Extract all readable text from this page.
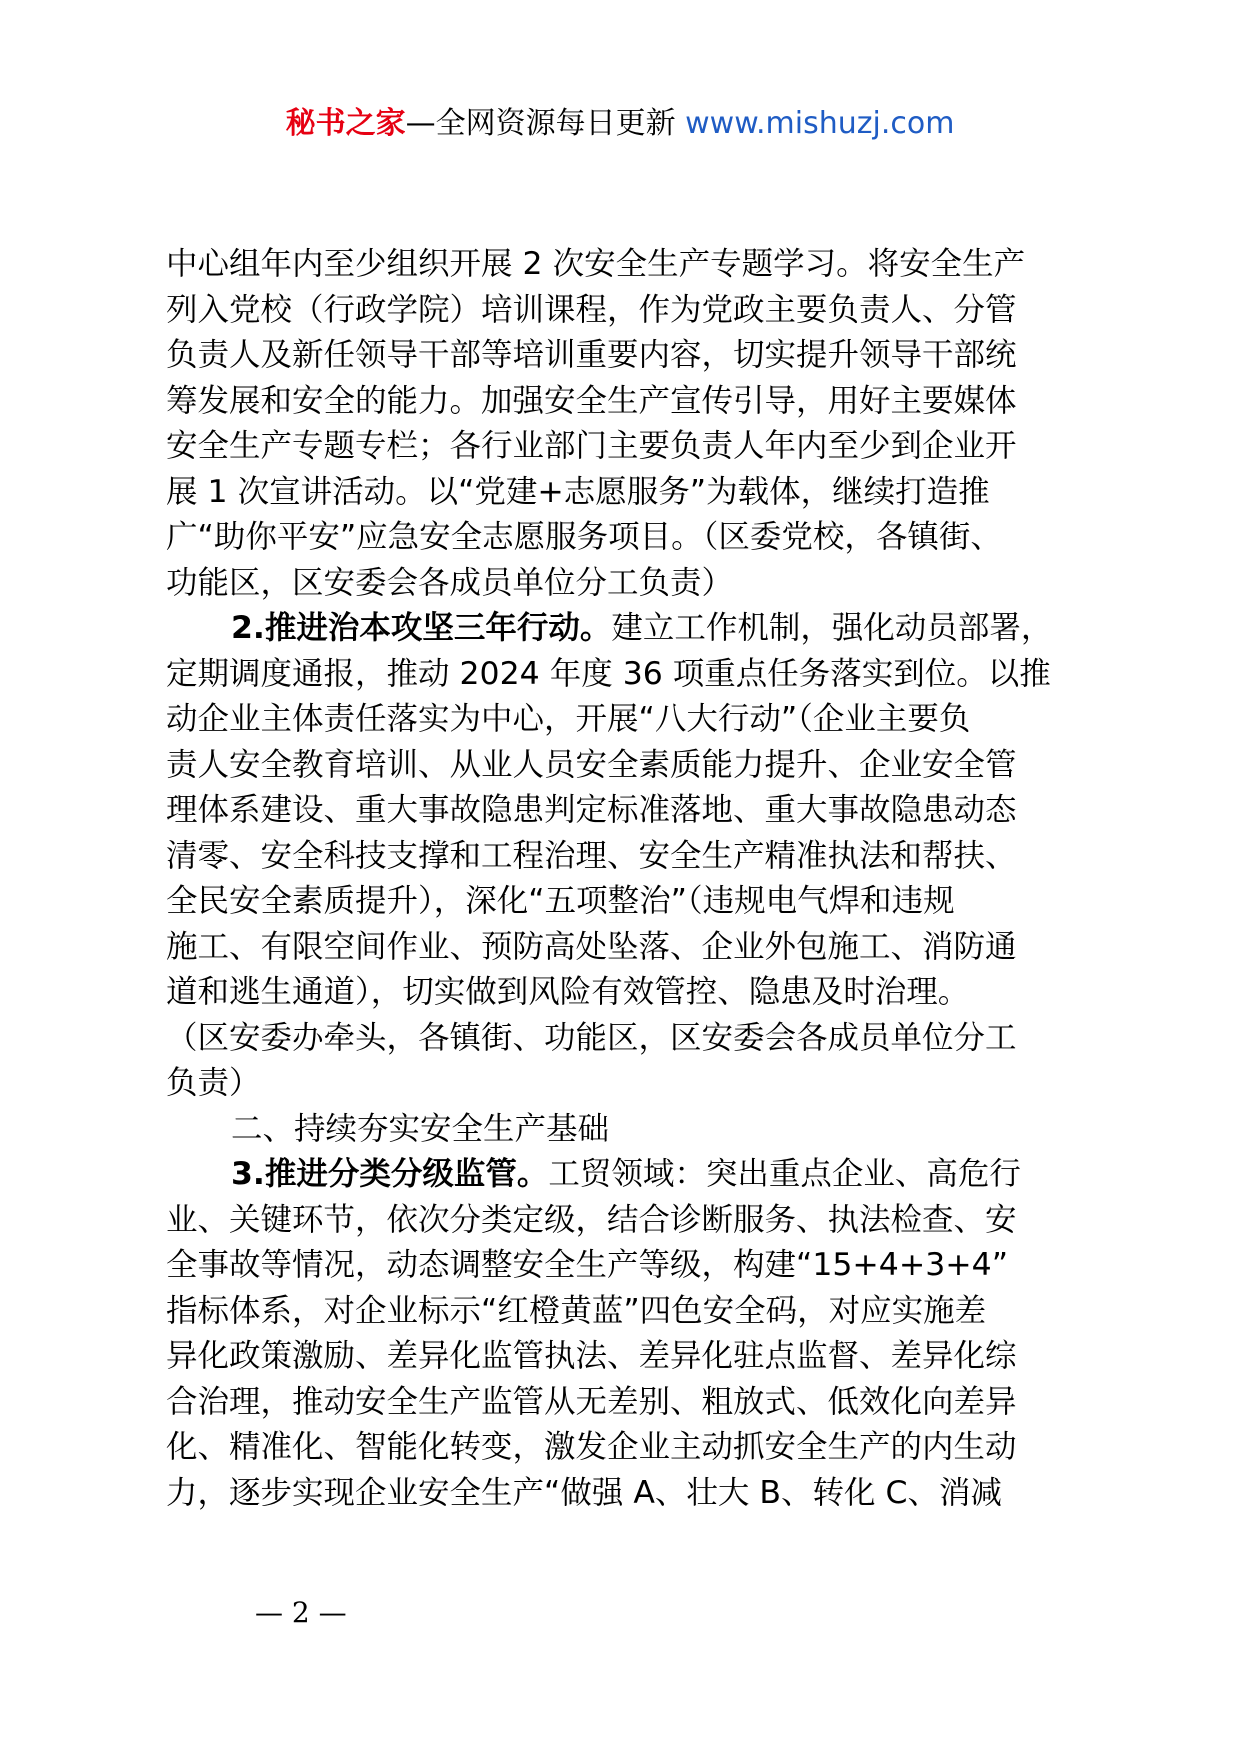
秘书之家—全网资源每日更新 www.mishuzj.com
中心组年内至少组织开展 2 次安全生产专题学习。将安全生产
列入党校（行政学院）培训课程，作为党政主要负责人、分管
负责人及新任领导干部等培训重要内容，切实提升领导干部统
筹发展和安全的能力。加强安全生产宣传引导，用好主要媒体
安全生产专题专栏；各行业部门主要负责人年内至少到企业开
展 1 次宣讲活动。以“党建+志愿服务”为载体，继续打造推
广“助你平安”应急安全志愿服务项目。（区委党校，各镇街、
功能区，区安委会各成员单位分工负责）
2.推进治本攻坚三年行动。建立工作机制，强化动员部署，
定期调度通报，推动 2024 年度 36 项重点任务落实到位。以推
动企业主体责任落实为中心，开展“八大行动”（企业主要负
责人安全教育培训、从业人员安全素质能力提升、企业安全管
理体系建设、重大事故隐患判定标准落地、重大事故隐患动态
清零、安全科技支撑和工程治理、安全生产精准执法和帮扶、
全民安全素质提升），深化“五项整治”（违规电气焊和违规
施工、有限空间作业、预防高处坠落、企业外包施工、消防通
道和逃生通道），切实做到风险有效管控、隐患及时治理。
（区安委办牵头，各镇街、功能区，区安委会各成员单位分工
负责）
二、持续夯实安全生产基础
3.推进分类分级监管。工贸领域：突出重点企业、高危行
业、关键环节，依次分类定级，结合诊断服务、执法检查、安
全事故等情况，动态调整安全生产等级，构建“15+4+3+4”
指标体系，对企业标示“红橙黄蓝”四色安全码，对应实施差
异化政策激励、差异化监管执法、差异化驻点监督、差异化综
合治理，推动安全生产监管从无差别、粗放式、低效化向差异
化、精准化、智能化转变，激发企业主动抓安全生产的内生动
力，逐步实现企业安全生产“做强 A、壮大 B、转化 C、消减
— 2 —
